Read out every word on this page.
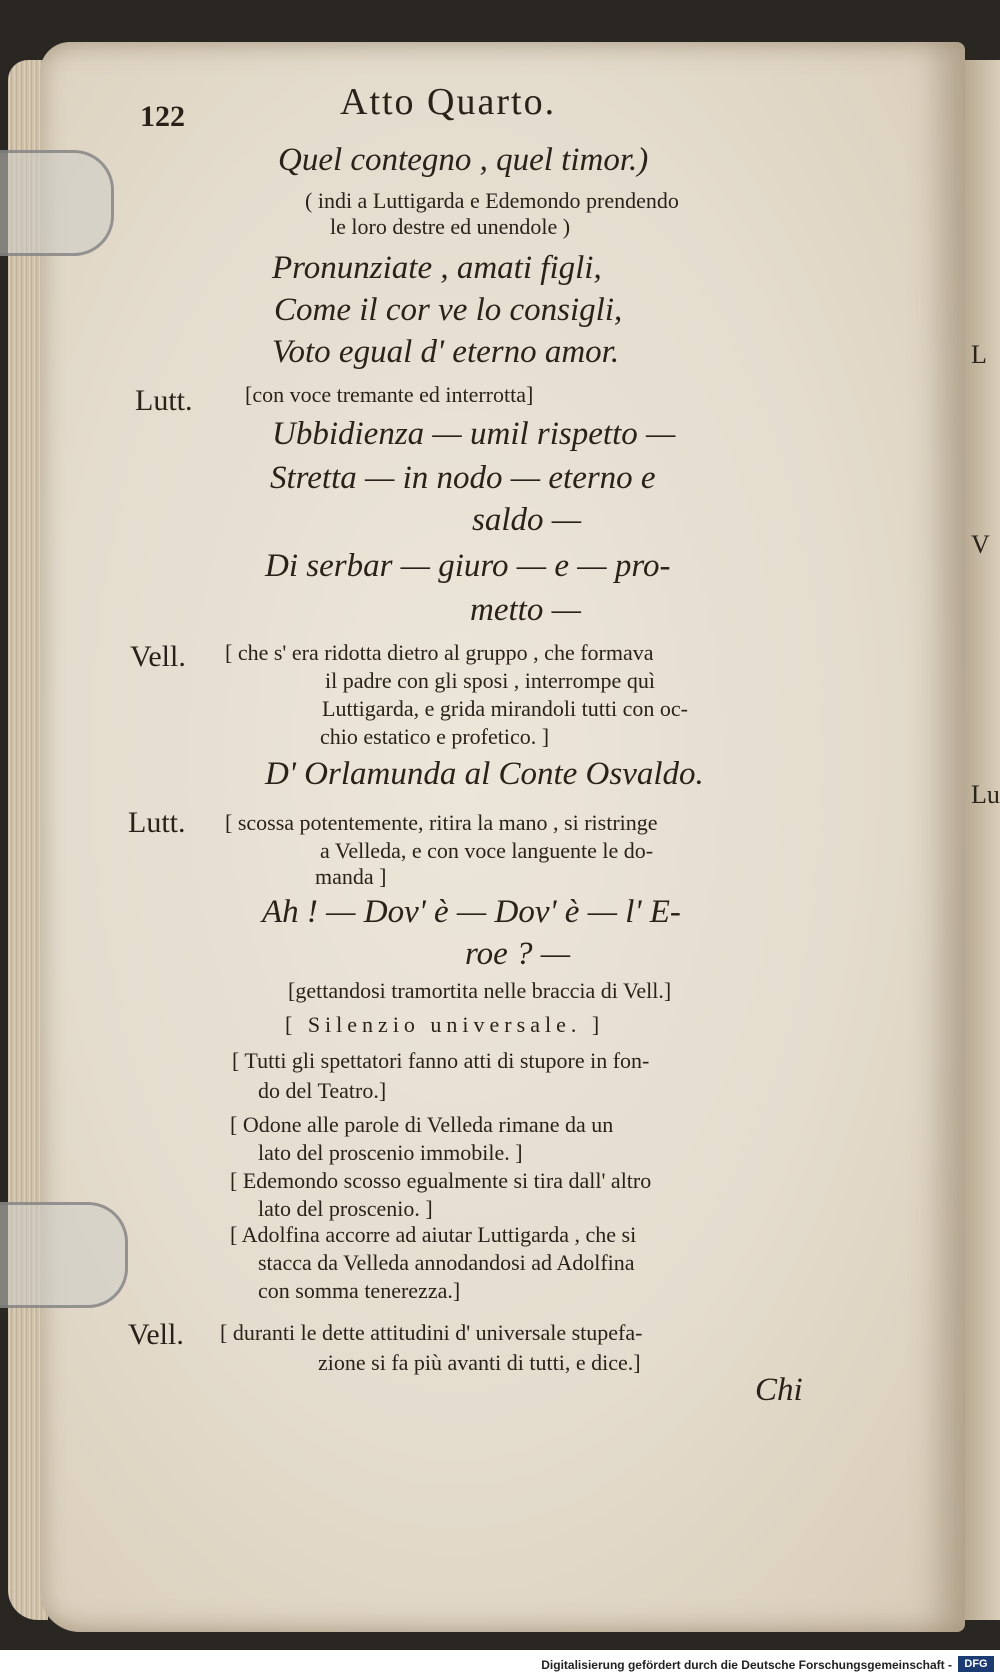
L
V
Lu
122	Atto Quarto.
Quel contegno , quel timor.)
( indi a Luttigarda e Edemondo prendendo
le loro destre ed unendole )
Pronunziate , amati figli,
Come il cor ve lo consigli,
Voto egual d' eterno amor.
Lutt. [con voce tremante ed interrotta]
Ubbidienza — umil rispetto —
Stretta — in nodo — eterno e
saldo —
Di serbar — giuro — e — pro-
metto —
Vell. [ che s' era ridotta dietro al gruppo , che formava
il padre con gli sposi , interrompe quì
Luttigarda, e grida mirandoli tutti con oc-
chio estatico e profetico. ]
D' Orlamunda al Conte Osvaldo.
Lutt. [ scossa potentemente, ritira la mano , si ristringe
a Velleda, e con voce languente le do-
manda ]
Ah ! — Dov' è — Dov' è — l' E-
roe ? —
[gettandosi tramortita nelle braccia di Vell.]
[ Silenzio universale. ]
[ Tutti gli spettatori fanno atti di stupore in fon-
do del Teatro.]
[ Odone alle parole di Velleda rimane da un
lato del proscenio immobile. ]
[ Edemondo scosso egualmente si tira dall' altro
lato del proscenio. ]
[ Adolfina accorre ad aiutar Luttigarda , che si
stacca da Velleda annodandosi ad Adolfina
con somma tenerezza.]
Vell. [ duranti le dette attitudini d' universale stupefa-
zione si fa più avanti di tutti, e dice.]
Chi
Digitalisierung gefördert durch die Deutsche Forschungsgemeinschaft -	DFG
